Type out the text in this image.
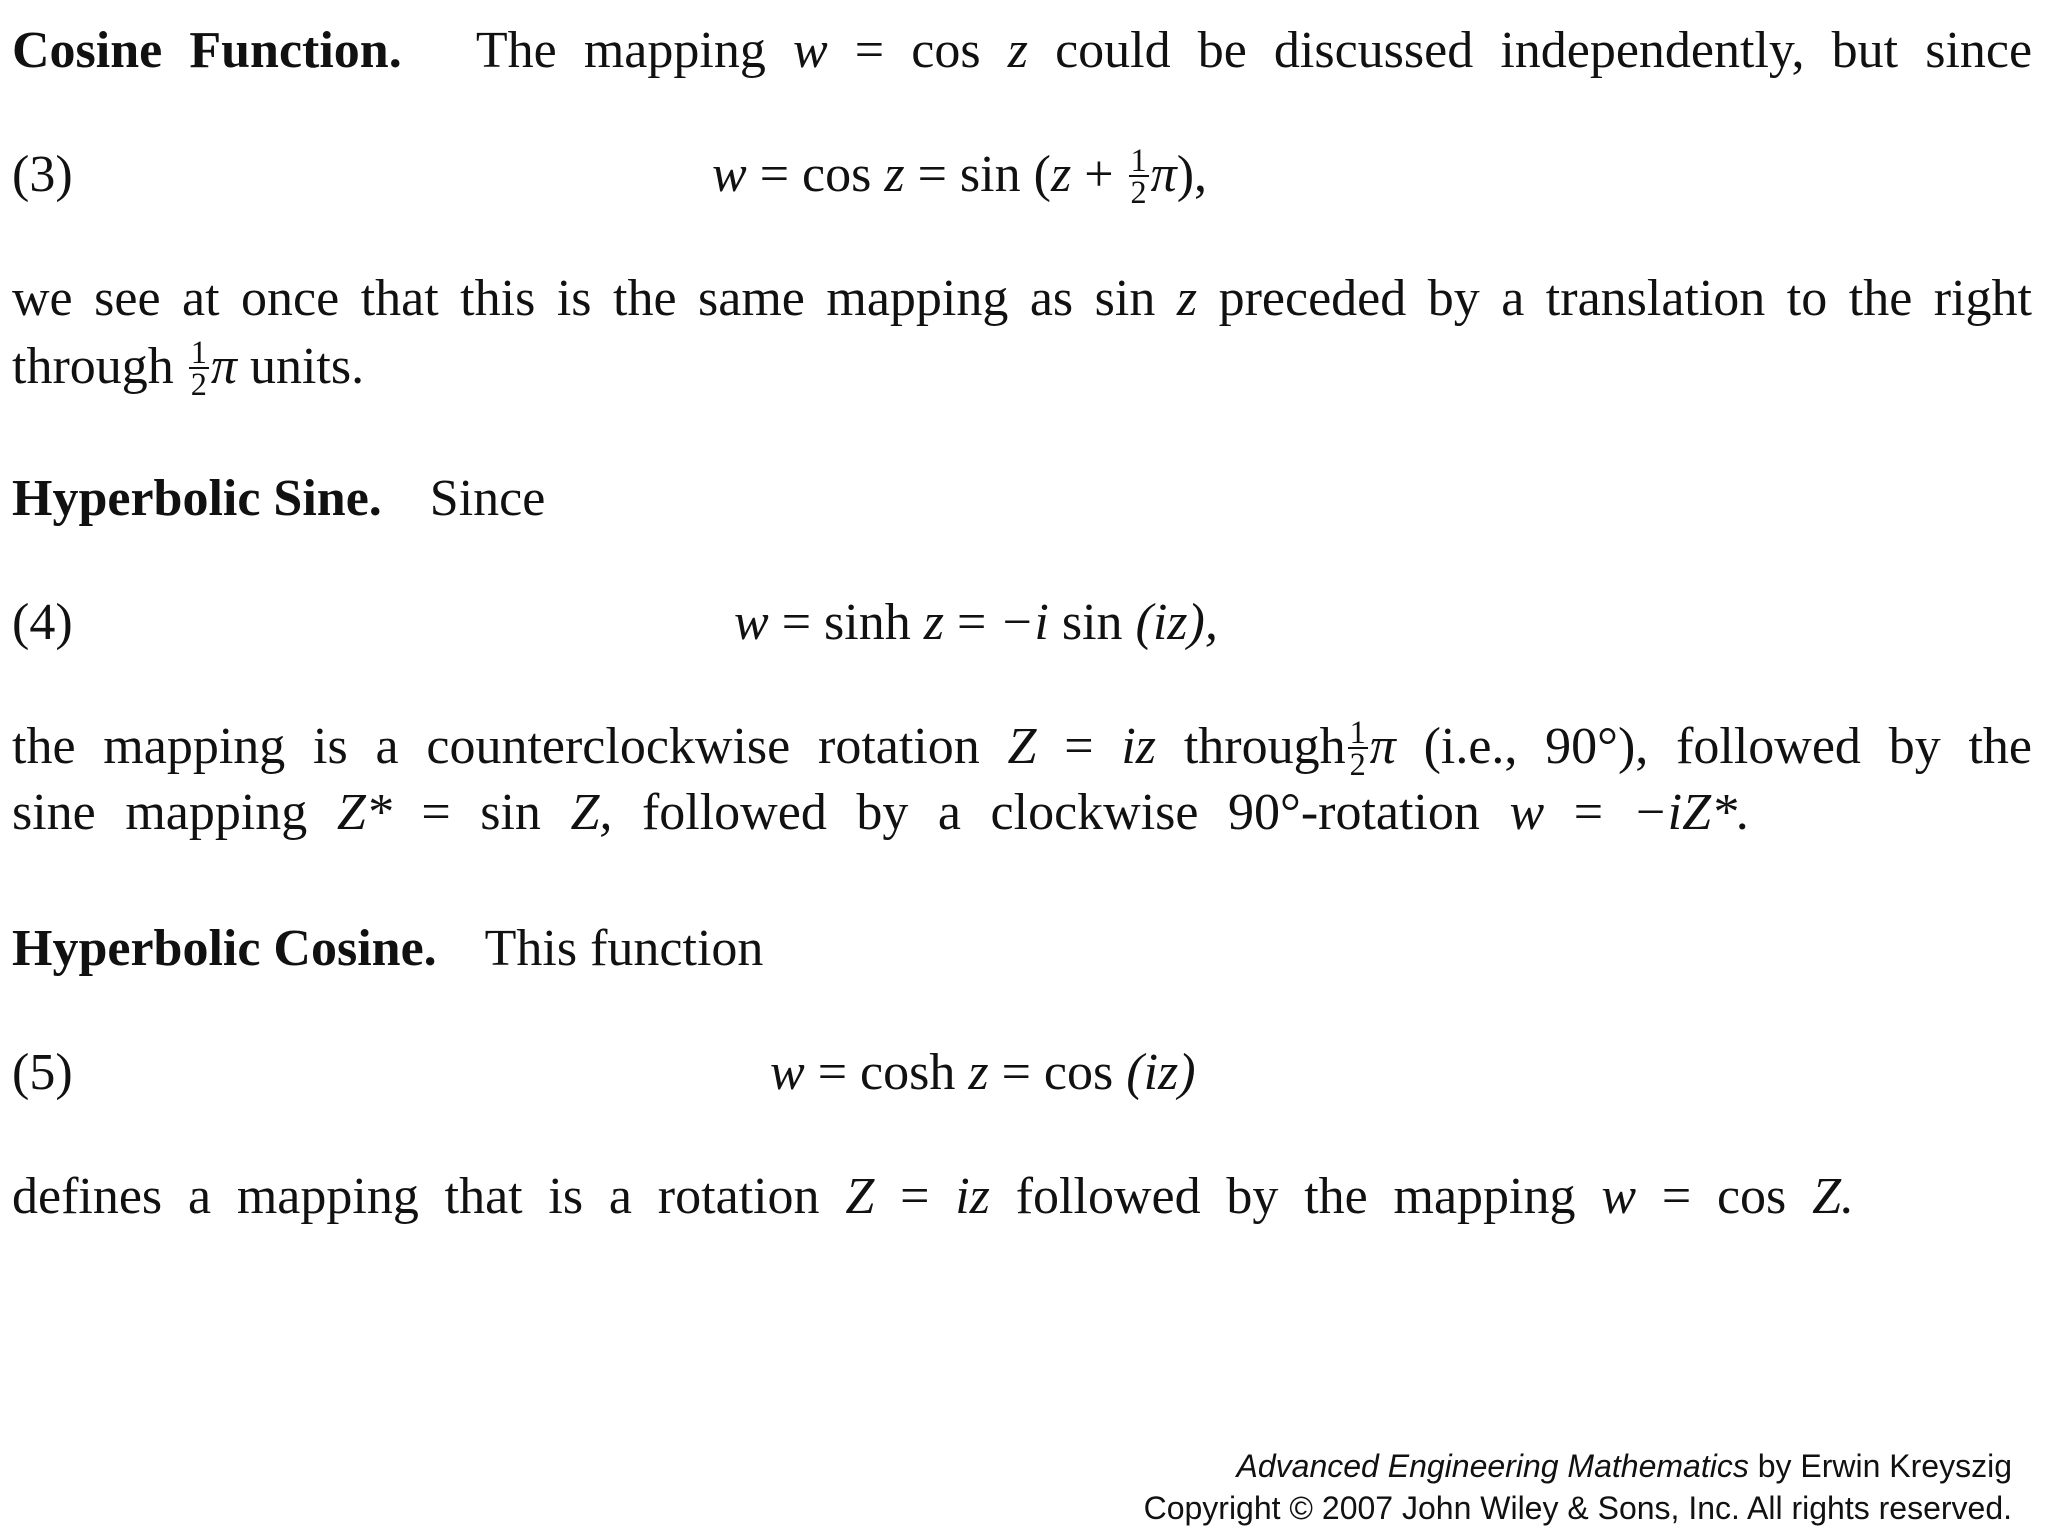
Cosine Function. The mapping w = cos z could be discussed independently, but since
(3)	$w = \cos z = \sin (z + \frac{1}{2} \pi)$,
we see at once that this is the same mapping as sin z preceded by a translation to the right
through $\frac{1}{2}$ π units.
Hyperbolic Sine. Since
(4)	w = sinh z = −i sin (iz),
the mapping is a counterclockwise rotation Z = iz through $\frac{1}{2}$ π (i.e., 90°), followed by the
sine mapping Z* = sin Z, followed by a clockwise 90°-rotation w = −iZ*.
Hyperbolic Cosine. This function
(5)	w = cosh z = cos (iz)
defines a mapping that is a rotation Z = iz followed by the mapping w = cos Z.
Advanced Engineering Mathematics by Erwin Kreyszig
Copyright © 2007 John Wiley & Sons, Inc. All rights reserved.
